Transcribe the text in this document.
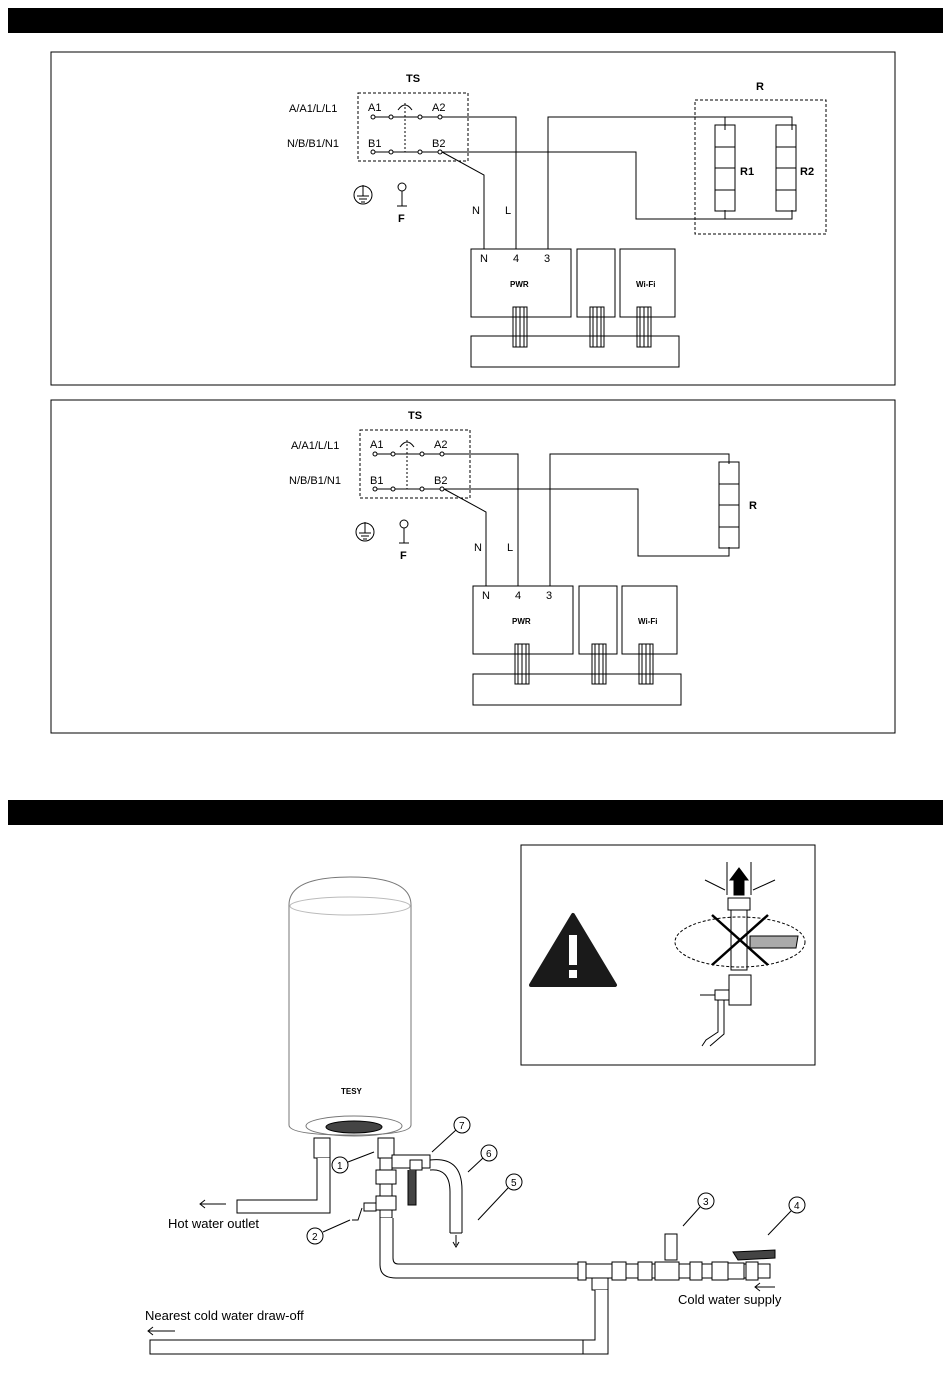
TS
A/A1/L/L1
N/B/B1/N1
A1	A2
B1	B2
F
N L
R
R1	R2
N 4 3
PWR	Wi-Fi
TS
A/A1/L/L1
N/B/B1/N1
A1	A2
B1	B2
F
N L
R
N 4 3
PWR	Wi-Fi
TESY
Hot water outlet
Cold water supply
Nearest cold water draw-off
1
2
3	4
5
6
7
